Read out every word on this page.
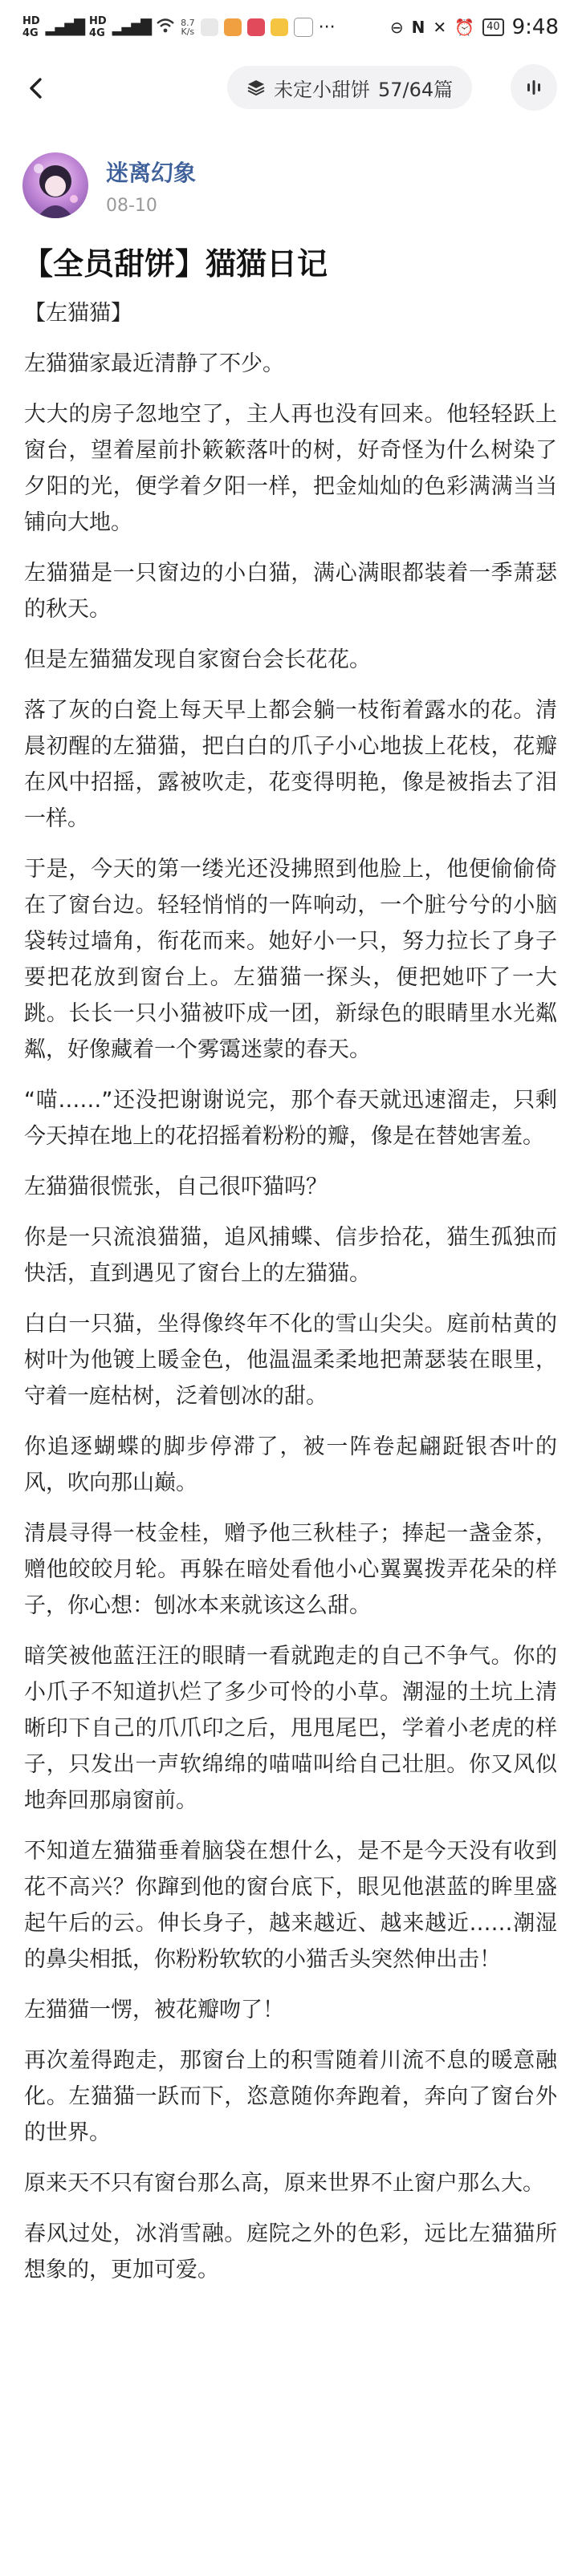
HD
4G ▂▄▆█ HD
4G ▂▄▆█	8.7
K/s	···	⊖ N ✕ ⏰	40 9:48
未定小甜饼 57/64篇
迷离幻象
08-10
【全员甜饼】猫猫日记

【左猫猫】

左猫猫家最近清静了不少。

大大的房子忽地空了，主人再也没有回来。他轻轻跃上窗台，望着屋前扑簌簌落叶的树，好奇怪为什么树染了夕阳的光，便学着夕阳一样，把金灿灿的色彩满满当当铺向大地。

左猫猫是一只窗边的小白猫，满心满眼都装着一季萧瑟的秋天。

但是左猫猫发现自家窗台会长花花。

落了灰的白瓷上每天早上都会躺一枝衔着露水的花。清晨初醒的左猫猫，把白白的爪子小心地拔上花枝，花瓣在风中招摇，露被吹走，花变得明艳，像是被指去了泪一样。

于是，今天的第一缕光还没拂照到他脸上，他便偷偷倚在了窗台边。轻轻悄悄的一阵响动，一个脏兮兮的小脑袋转过墙角，衔花而来。她好小一只，努力拉长了身子要把花放到窗台上。左猫猫一探头，便把她吓了一大跳。长长一只小猫被吓成一团，新绿色的眼睛里水光粼粼，好像藏着一个雾霭迷蒙的春天。

“喵……”还没把谢谢说完，那个春天就迅速溜走，只剩今天掉在地上的花招摇着粉粉的瓣，像是在替她害羞。

左猫猫很慌张，自己很吓猫吗？

你是一只流浪猫猫，追风捕蝶、信步拾花，猫生孤独而快活，直到遇见了窗台上的左猫猫。

白白一只猫，坐得像终年不化的雪山尖尖。庭前枯黄的树叶为他镀上暖金色，他温温柔柔地把萧瑟装在眼里，守着一庭枯树，泛着刨冰的甜。

你追逐蝴蝶的脚步停滞了，被一阵卷起翩跹银杏叶的风，吹向那山巅。

清晨寻得一枝金桂，赠予他三秋桂子；捧起一盏金茶，赠他皎皎月轮。再躲在暗处看他小心翼翼拨弄花朵的样子，你心想：刨冰本来就该这么甜。

暗笑被他蓝汪汪的眼睛一看就跑走的自己不争气。你的小爪子不知道扒烂了多少可怜的小草。潮湿的土坑上清晰印下自己的爪爪印之后，甩甩尾巴，学着小老虎的样子，只发出一声软绵绵的喵喵叫给自己壮胆。你又风似地奔回那扇窗前。

不知道左猫猫垂着脑袋在想什么，是不是今天没有收到花不高兴？你蹿到他的窗台底下，眼见他湛蓝的眸里盛起午后的云。伸长身子，越来越近、越来越近……潮湿的鼻尖相抵，你粉粉软软的小猫舌头突然伸出击！

左猫猫一愣，被花瓣吻了！

再次羞得跑走，那窗台上的积雪随着川流不息的暖意融化。左猫猫一跃而下，恣意随你奔跑着，奔向了窗台外的世界。

原来天不只有窗台那么高，原来世界不止窗户那么大。

春风过处，冰消雪融。庭院之外的色彩，远比左猫猫所想象的，更加可爱。
